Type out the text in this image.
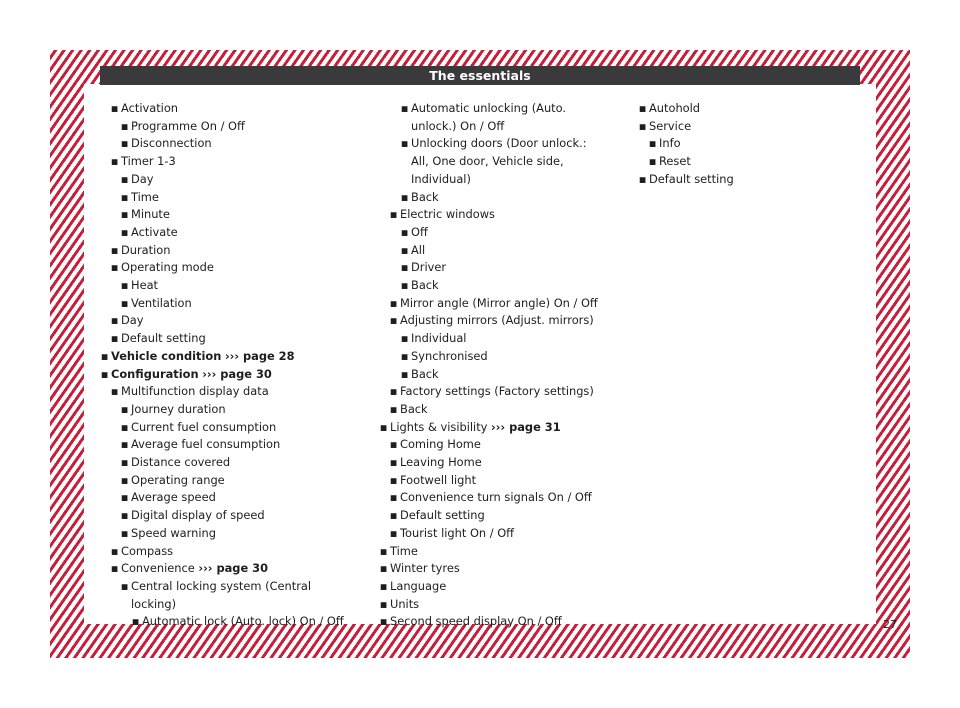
The essentials
■ Activation
■ Programme On / Off
■ Disconnection
■ Timer 1-3
■ Day
■ Time
■ Minute
■ Activate
■ Duration
■ Operating mode
■ Heat
■ Ventilation
■ Day
■ Default setting
■ Vehicle condition ››› page 28
■ Configuration ››› page 30
■ Multifunction display data
■ Journey duration
■ Current fuel consumption
■ Average fuel consumption
■ Distance covered
■ Operating range
■ Average speed
■ Digital display of speed
■ Speed warning
■ Compass
■ Convenience ››› page 30
■ Central locking system (Central locking)
■ Automatic lock (Auto. lock) On / Off
■ Automatic unlocking (Auto. unlock.) On / Off
■ Unlocking doors (Door unlock.: All, One door, Vehicle side, Individual)
■ Back
■ Electric windows
■ Off
■ All
■ Driver
■ Back
■ Mirror angle (Mirror angle) On / Off
■ Adjusting mirrors (Adjust. mirrors)
■ Individual
■ Synchronised
■ Back
■ Factory settings (Factory settings)
■ Back
■ Lights & visibility ››› page 31
■ Coming Home
■ Leaving Home
■ Footwell light
■ Convenience turn signals On / Off
■ Default setting
■ Tourist light On / Off
■ Time
■ Winter tyres
■ Language
■ Units
■ Second speed display On / Off
■ Autohold
■ Service
■ Info
■ Reset
■ Default setting
27
